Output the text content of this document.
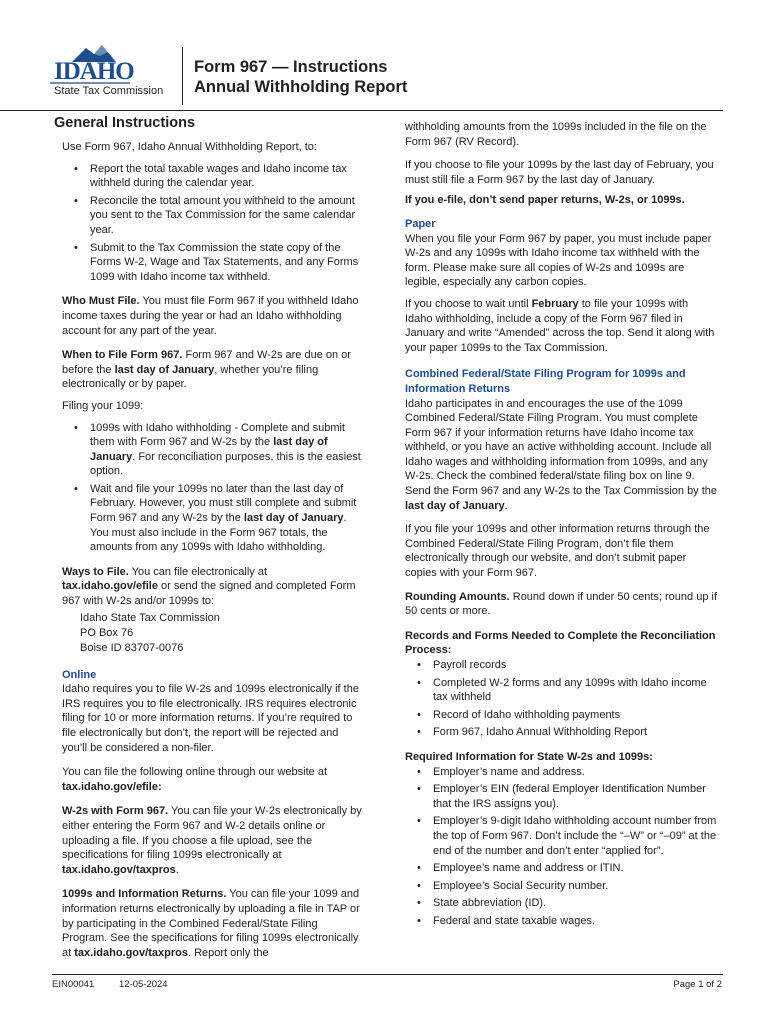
IDAHO
State Tax Commission
Form 967 — Instructions
Annual Withholding Report
General Instructions

Use Form 967, Idaho Annual Withholding Report, to:

• Report the total taxable wages and Idaho income tax withheld during the calendar year.
• Reconcile the total amount you withheld to the amount you sent to the Tax Commission for the same calendar year.
• Submit to the Tax Commission the state copy of the Forms W-2, Wage and Tax Statements, and any Forms 1099 with Idaho income tax withheld.

Who Must File. You must file Form 967 if you withheld Idaho income taxes during the year or had an Idaho withholding account for any part of the year.

When to File Form 967. Form 967 and W-2s are due on or before the last day of January, whether you’re filing electronically or by paper.

Filing your 1099:

• 1099s with Idaho withholding - Complete and submit them with Form 967 and W-2s by the last day of January. For reconciliation purposes, this is the easiest option.
• Wait and file your 1099s no later than the last day of February. However, you must still complete and submit Form 967 and any W-2s by the last day of January. You must also include in the Form 967 totals, the amounts from any 1099s with Idaho withholding.

Ways to File. You can file electronically at tax.idaho.gov/efile or send the signed and completed Form 967 with W-2s and/or 1099s to:

Idaho State Tax Commission
PO Box 76
Boise ID 83707-0076

Online

Idaho requires you to file W-2s and 1099s electronically if the IRS requires you to file electronically. IRS requires electronic filing for 10 or more information returns. If you’re required to file electronically but don’t, the report will be rejected and you’ll be considered a non-filer.

You can file the following online through our website at tax.idaho.gov/efile:

W-2s with Form 967. You can file your W-2s electronically by either entering the Form 967 and W-2 details online or uploading a file. If you choose a file upload, see the specifications for filing 1099s electronically at tax.idaho.gov/taxpros.

1099s and Information Returns. You can file your 1099 and information returns electronically by uploading a file in TAP or by participating in the Combined Federal/State Filing Program. See the specifications for filing 1099s electronically at tax.idaho.gov/taxpros. Report only the

withholding amounts from the 1099s included in the file on the Form 967 (RV Record).

If you choose to file your 1099s by the last day of February, you must still file a Form 967 by the last day of January.

If you e-file, don’t send paper returns, W-2s, or 1099s.

Paper

When you file your Form 967 by paper, you must include paper W-2s and any 1099s with Idaho income tax withheld with the form. Please make sure all copies of W-2s and 1099s are legible, especially any carbon copies.

If you choose to wait until February to file your 1099s with Idaho withholding, include a copy of the Form 967 filed in January and write “Amended” across the top. Send it along with your paper 1099s to the Tax Commission.

Combined Federal/State Filing Program for 1099s and Information Returns

Idaho participates in and encourages the use of the 1099 Combined Federal/State Filing Program. You must complete Form 967 if your information returns have Idaho income tax withheld, or you have an active withholding account. Include all Idaho wages and withholding information from 1099s, and any W-2s. Check the combined federal/state filing box on line 9. Send the Form 967 and any W-2s to the Tax Commission by the last day of January.

If you file your 1099s and other information returns through the Combined Federal/State Filing Program, don’t file them electronically through our website, and don’t submit paper copies with your Form 967.

Rounding Amounts. Round down if under 50 cents; round up if 50 cents or more.

Records and Forms Needed to Complete the Reconciliation Process:

• Payroll records
• Completed W-2 forms and any 1099s with Idaho income tax withheld
• Record of Idaho withholding payments
• Form 967, Idaho Annual Withholding Report

Required Information for State W-2s and 1099s:

• Employer’s name and address.
• Employer’s EIN (federal Employer Identification Number that the IRS assigns you).
• Employer’s 9-digit Idaho withholding account number from the top of Form 967. Don’t include the “–W” or “–09” at the end of the number and don’t enter “applied for”.
• Employee’s name and address or ITIN.
• Employee’s Social Security number.
• State abbreviation (ID).
• Federal and state taxable wages.
EIN00041	12-05-2024	Page 1 of 2
